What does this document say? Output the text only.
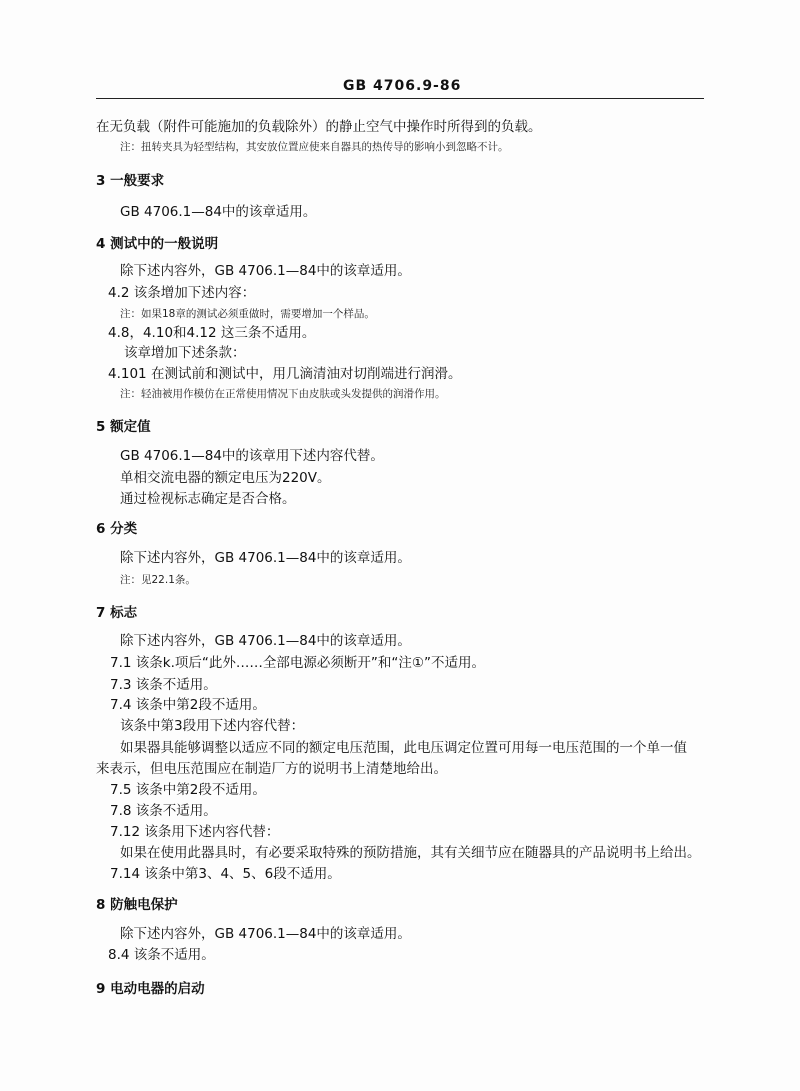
GB 4706.9-86
在无负载（附件可能施加的负载除外）的静止空气中操作时所得到的负载。
注：扭转夹具为轻型结构，其安放位置应使来自器具的热传导的影响小到忽略不计。
3 一般要求
GB 4706.1—84中的该章适用。
4 测试中的一般说明
除下述内容外，GB 4706.1—84中的该章适用。
4.2 该条增加下述内容：
注：如果18章的测试必须重做时，需要增加一个样品。
4.8，4.10和4.12 这三条不适用。
该章增加下述条款：
4.101 在测试前和测试中，用几滴清油对切削端进行润滑。
注：轻油被用作模仿在正常使用情况下由皮肤或头发提供的润滑作用。
5 额定值
GB 4706.1—84中的该章用下述内容代替。
单相交流电器的额定电压为220V。
通过检视标志确定是否合格。
6 分类
除下述内容外，GB 4706.1—84中的该章适用。
注：见22.1条。
7 标志
除下述内容外，GB 4706.1—84中的该章适用。
7.1 该条k.项后“此外……全部电源必须断开”和“注①”不适用。
7.3 该条不适用。
7.4 该条中第2段不适用。
该条中第3段用下述内容代替：
如果器具能够调整以适应不同的额定电压范围，此电压调定位置可用每一电压范围的一个单一值
来表示，但电压范围应在制造厂方的说明书上清楚地给出。
7.5 该条中第2段不适用。
7.8 该条不适用。
7.12 该条用下述内容代替：
如果在使用此器具时，有必要采取特殊的预防措施，其有关细节应在随器具的产品说明书上给出。
7.14 该条中第3、4、5、6段不适用。
8 防触电保护
除下述内容外，GB 4706.1—84中的该章适用。
8.4 该条不适用。
9 电动电器的启动
